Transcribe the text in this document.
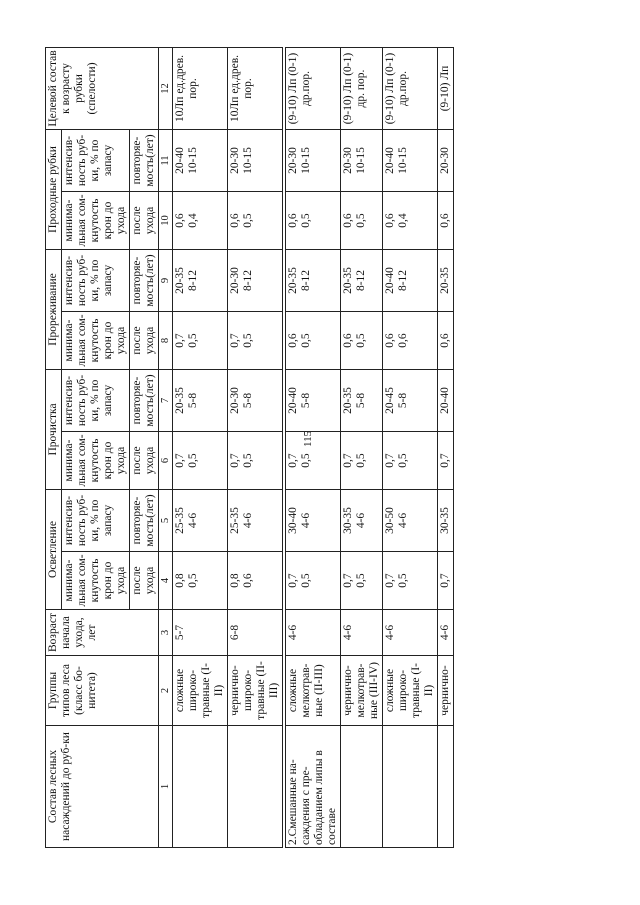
115
Состав лесных насаждений до руб-ки	Группы типов леса (класс бо-нитета)	Возраст начала ухода, лет	Осветление		Прочистка		Прореживание		Проходные рубки		Целевой состав к возрасту рубки (спелости)
			минима-льная сом-кнутость крон до ухода	интенсив-ность руб-ки, % по запасу	минима-льная сом-кнутость крон до ухода	интенсив-ность руб-ки, % по запасу	минима-льная сом-кнутость крон до ухода	интенсив-ность руб-ки, % по запасу	минима-льная сом-кнутость крон до ухода	интенсив-ность руб-ки, % по запасу	
			после ухода	повторяе-мость(лет)	после ухода	повторяе-мость(лет)	после ухода	повторяе-мость(лет)	после ухода	повторяе-мость(лет)	
1	2	3	4	5	6	7	8	9	10	11	12
	сложные широко-травные (I-II)	5-7	0,8 0,5	25-35 4-6	0,7 0,5	20-35 5-8	0,7 0,5	20-35 8-12	0,6 0,4	20-40 10-15	10Лп ед.древ. пор.
	чернично-широко-травные (II-III)	6-8	0,8 0,6	25-35 4-6	0,7 0,5	20-30 5-8	0,7 0,5	20-30 8-12	0,6 0,5	20-30 10-15	10Лп ед.древ. пор.
2.Смешанные на-саждения с пре-обладанием липы в составе	сложные мелкотрав-ные (II-III)	4-6	0,7 0,5	30-40 4-6	0,7 0,5	20-40 5-8	0,6 0,5	20-35 8-12	0,6 0,5	20-30 10-15	(9-10) Лп (0-1) др.пор.
	чернично-мелкотрав-ные (III-IV)	4-6	0,7 0,5	30-35 4-6	0,7 0,5	20-35 5-8	0,6 0,5	20-35 8-12	0,6 0,5	20-30 10-15	(9-10) Лп (0-1) др. пор.
	сложные широко-травные (I-II)	4-6	0,7 0,5	30-50 4-6	0,7 0,5	20-45 5-8	0,6 0,6	20-40 8-12	0,6 0,4	20-40 10-15	(9-10) Лп (0-1) др.пор.
	чернично-	4-6	0,7	30-35	0,7	20-40	0,6	20-35	0,6	20-30	(9-10) Лп
